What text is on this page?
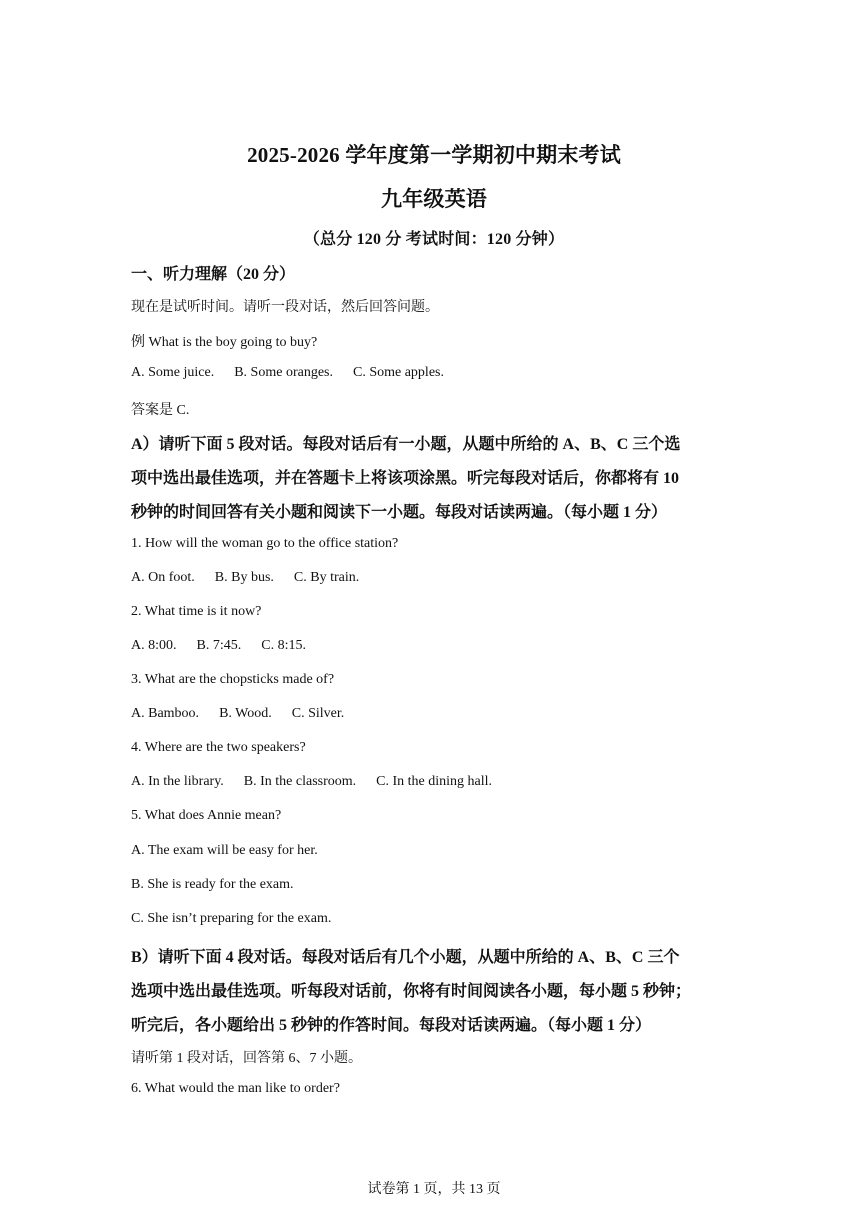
2025-2026 学年度第一学期初中期末考试
九年级英语
（总分 120 分 考试时间：120 分钟）
一、听力理解（20 分）
现在是试听时间。请听一段对话，然后回答问题。
例 What is the boy going to buy?
A. Some juice. B. Some oranges. C. Some apples.
答案是 C.
A）请听下面 5 段对话。每段对话后有一小题，从题中所给的 A、B、C 三个选
项中选出最佳选项，并在答题卡上将该项涂黑。听完每段对话后，你都将有 10
秒钟的时间回答有关小题和阅读下一小题。每段对话读两遍。（每小题 1 分）
1. How will the woman go to the office station?
A. On foot. B. By bus. C. By train.
2. What time is it now?
A. 8:00. B. 7:45. C. 8:15.
3. What are the chopsticks made of?
A. Bamboo. B. Wood. C. Silver.
4. Where are the two speakers?
A. In the library. B. In the classroom. C. In the dining hall.
5. What does Annie mean?
A. The exam will be easy for her.
B. She is ready for the exam.
C. She isn’t preparing for the exam.
B）请听下面 4 段对话。每段对话后有几个小题，从题中所给的 A、B、C 三个
选项中选出最佳选项。听每段对话前，你将有时间阅读各小题，每小题 5 秒钟；
听完后，各小题给出 5 秒钟的作答时间。每段对话读两遍。（每小题 1 分）
请听第 1 段对话，回答第 6、7 小题。
6. What would the man like to order?
试卷第 1 页，共 13 页
